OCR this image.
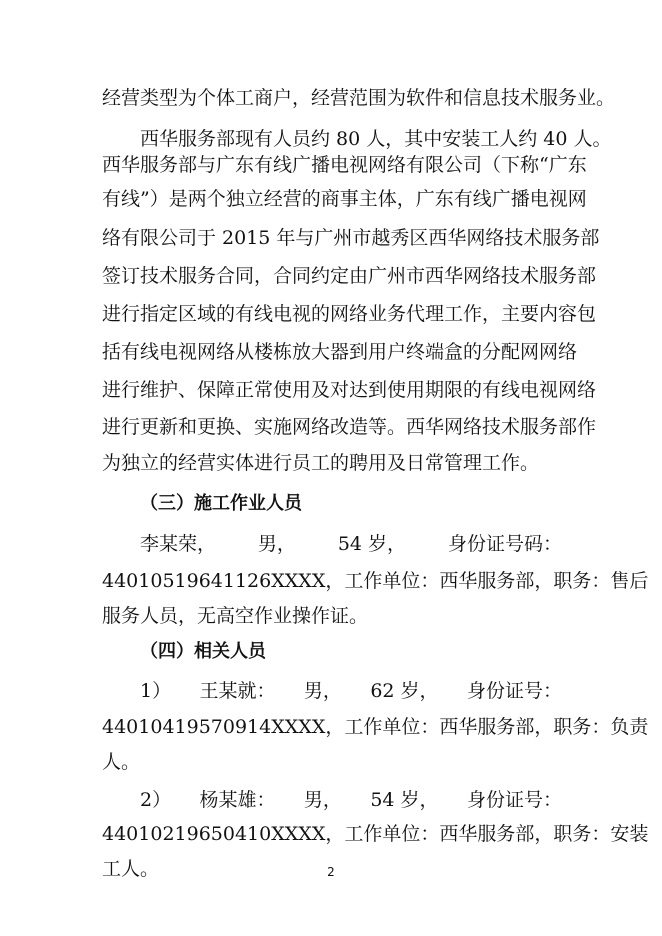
经营类型为个体工商户，经营范围为软件和信息技术服务业。
西华服务部现有人员约 80 人，其中安装工人约 40 人。
西华服务部与广东有线广播电视网络有限公司（下称“广东
有线”）是两个独立经营的商事主体，广东有线广播电视网
络有限公司于 2015 年与广州市越秀区西华网络技术服务部
签订技术服务合同，合同约定由广州市西华网络技术服务部
进行指定区域的有线电视的网络业务代理工作，主要内容包
括有线电视网络从楼栋放大器到用户终端盒的分配网网络
进行维护、保障正常使用及对达到使用期限的有线电视网络
进行更新和更换、实施网络改造等。西华网络技术服务部作
为独立的经营实体进行员工的聘用及日常管理工作。
（三）施工作业人员
李某荣， 男， 54 岁， 身份证号码：
44010519641126XXXX，工作单位：西华服务部，职务：售后
服务人员，无高空作业操作证。
（四）相关人员
1） 王某就： 男， 62 岁， 身份证号：
44010419570914XXXX，工作单位：西华服务部，职务：负责
人。
2） 杨某雄： 男， 54 岁， 身份证号：
44010219650410XXXX，工作单位：西华服务部，职务：安装
工人。	2
